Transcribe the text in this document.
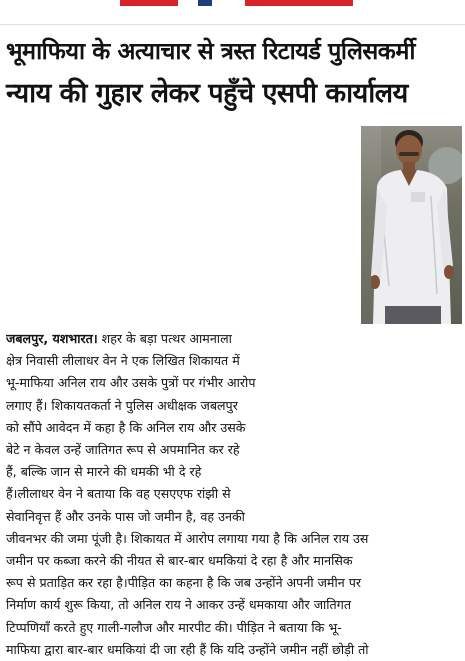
भूमाफिया के अत्याचार से त्रस्त रिटायर्ड पुलिसकर्मी
न्याय की गुहार लेकर पहुँचे एसपी कार्यालय
जबलपुर, यशभारत। शहर के बड़ा पत्थर आमनाला
क्षेत्र निवासी लीलाधर वेन ने एक लिखित शिकायत में
भू-माफिया अनिल राय और उसके पुत्रों पर गंभीर आरोप
लगाए हैं। शिकायतकर्ता ने पुलिस अधीक्षक जबलपुर
को सौंपे आवेदन में कहा है कि अनिल राय और उसके
बेटे न केवल उन्हें जातिगत रूप से अपमानित कर रहे
हैं, बल्कि जान से मारने की धमकी भी दे रहे
हैं।लीलाधर वेन ने बताया कि वह एसएएफ रांझी से
सेवानिवृत्त हैं और उनके पास जो जमीन है, वह उनकी
जीवनभर की जमा पूंजी है। शिकायत में आरोप लगाया गया है कि अनिल राय उस
जमीन पर कब्जा करने की नीयत से बार-बार धमकियां दे रहा है और मानसिक
रूप से प्रताड़ित कर रहा है।पीड़ित का कहना है कि जब उन्होंने अपनी जमीन पर
निर्माण कार्य शुरू किया, तो अनिल राय ने आकर उन्हें धमकाया और जातिगत
टिप्पणियाँ करते हुए गाली-गलौज और मारपीट की। पीड़ित ने बताया कि भू-
माफिया द्वारा बार-बार धमकियां दी जा रही हैं कि यदि उन्होंने जमीन नहीं छोड़ी तो
